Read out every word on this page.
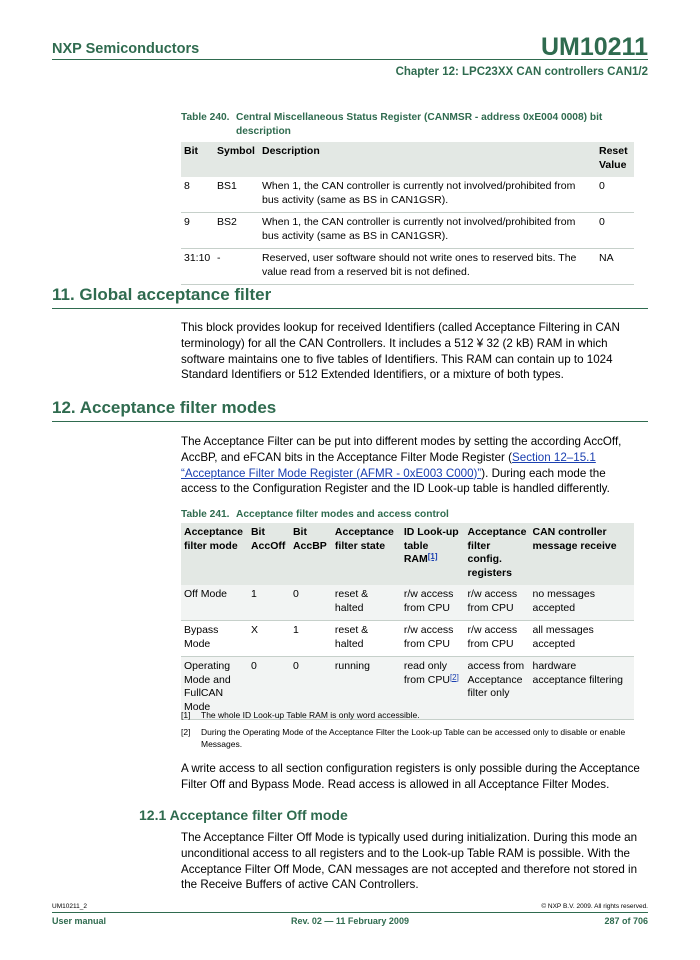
NXP Semiconductors	UM10211
Chapter 12: LPC23XX CAN controllers CAN1/2
Table 240. Central Miscellaneous Status Register (CANMSR - address 0xE004 0008) bit
description
Bit	Symbol	Description	Reset Value
8	BS1	When 1, the CAN controller is currently not involved/prohibited from bus activity (same as BS in CAN1GSR).	0
9	BS2	When 1, the CAN controller is currently not involved/prohibited from bus activity (same as BS in CAN1GSR).	0
31:10	-	Reserved, user software should not write ones to reserved bits. The value read from a reserved bit is not defined.	NA
11. Global acceptance filter

This block provides lookup for received Identifiers (called Acceptance Filtering in CAN terminology) for all the CAN Controllers. It includes a 512 ¥ 32 (2 kB) RAM in which software maintains one to five tables of Identifiers. This RAM can contain up to 1024 Standard Identifiers or 512 Extended Identifiers, or a mixture of both types.

12. Acceptance filter modes

The Acceptance Filter can be put into different modes by setting the according AccOff, AccBP, and eFCAN bits in the Acceptance Filter Mode Register (Section 12–15.1 “Acceptance Filter Mode Register (AFMR - 0xE003 C000)”). During each mode the access to the Configuration Register and the ID Look-up table is handled differently.

Table 241. Acceptance filter modes and access control
Acceptance filter mode	Bit AccOff	Bit AccBP	Acceptance filter state	ID Look-up table RAM[1]	Acceptance filter config. registers	CAN controller message receive
Off Mode	1	0	reset & halted	r/w access from CPU	r/w access from CPU	no messages accepted
Bypass Mode	X	1	reset & halted	r/w access from CPU	r/w access from CPU	all messages accepted
Operating Mode and FullCAN Mode	0	0	running	read only from CPU[2]	access from Acceptance filter only	hardware acceptance filtering
[1]	The whole ID Look-up Table RAM is only word accessible.
[2]	During the Operating Mode of the Acceptance Filter the Look-up Table can be accessed only to disable or enable Messages.

A write access to all section configuration registers is only possible during the Acceptance Filter Off and Bypass Mode. Read access is allowed in all Acceptance Filter Modes.

12.1 Acceptance filter Off mode

The Acceptance Filter Off Mode is typically used during initialization. During this mode an unconditional access to all registers and to the Look-up Table RAM is possible. With the Acceptance Filter Off Mode, CAN messages are not accepted and therefore not stored in the Receive Buffers of active CAN Controllers.

UM10211_2	© NXP B.V. 2009. All rights reserved.
User manual	Rev. 02 — 11 February 2009	287 of 706
